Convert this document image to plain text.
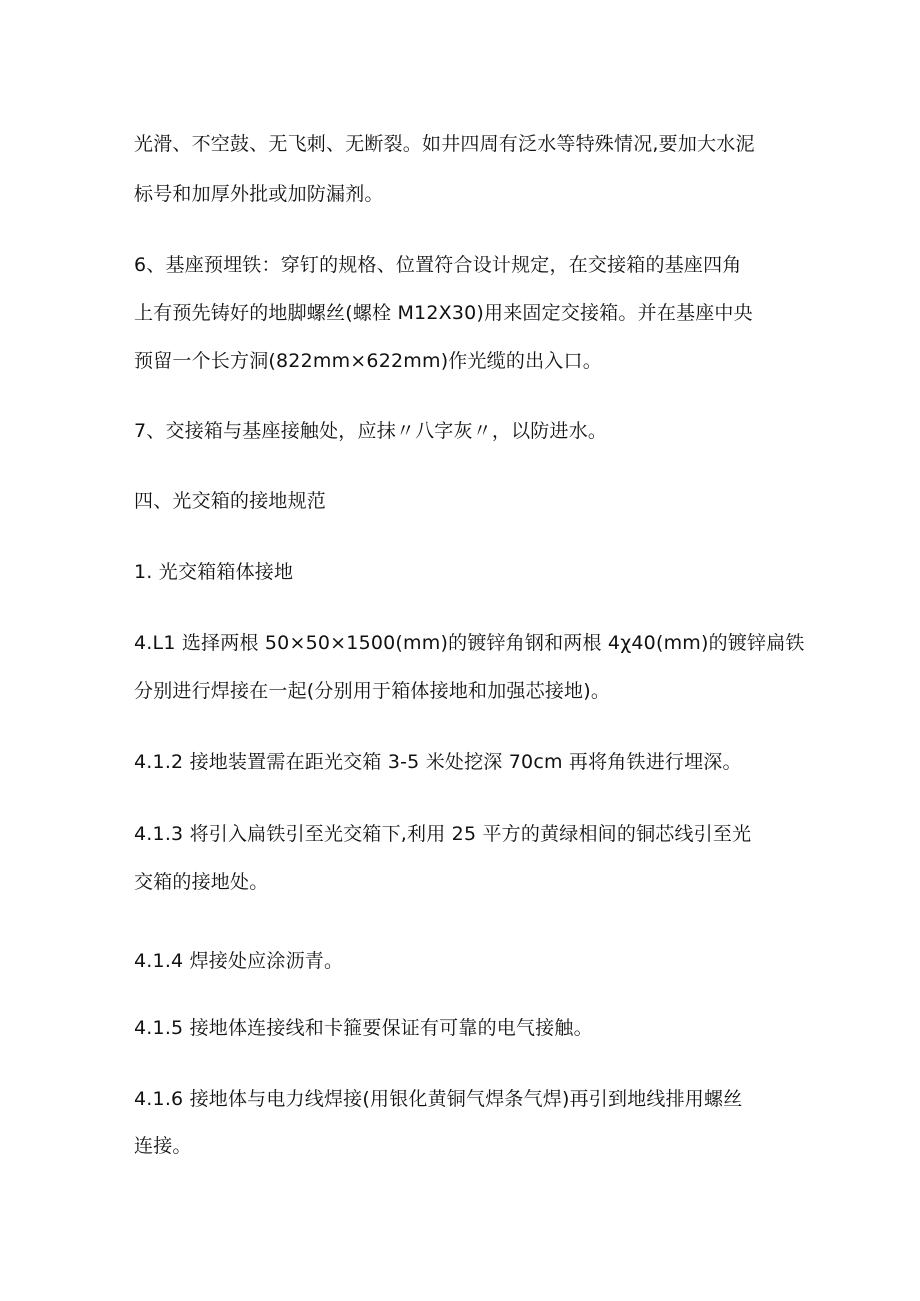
光滑、不空鼓、无飞刺、无断裂。如井四周有泛水等特殊情况,要加大水泥
标号和加厚外批或加防漏剂。
6、基座预埋铁：穿钉的规格、位置符合设计规定，在交接箱的基座四角
上有预先铸好的地脚螺丝(螺栓 M12X30)用来固定交接箱。并在基座中央
预留一个长方洞(822mm×622mm)作光缆的出入口。
7、交接箱与基座接触处，应抹〃八字灰〃，以防进水。
四、光交箱的接地规范
1. 光交箱箱体接地
4.L1 选择两根 50×50×1500(mm)的镀锌角钢和两根 4χ40(mm)的镀锌扁铁
分别进行焊接在一起(分别用于箱体接地和加强芯接地)。
4.1.2 接地装置需在距光交箱 3-5 米处挖深 70cm 再将角铁进行埋深。
4.1.3 将引入扁铁引至光交箱下,利用 25 平方的黄绿相间的铜芯线引至光
交箱的接地处。
4.1.4 焊接处应涂沥青。
4.1.5 接地体连接线和卡箍要保证有可靠的电气接触。
4.1.6 接地体与电力线焊接(用银化黄铜气焊条气焊)再引到地线排用螺丝
连接。
